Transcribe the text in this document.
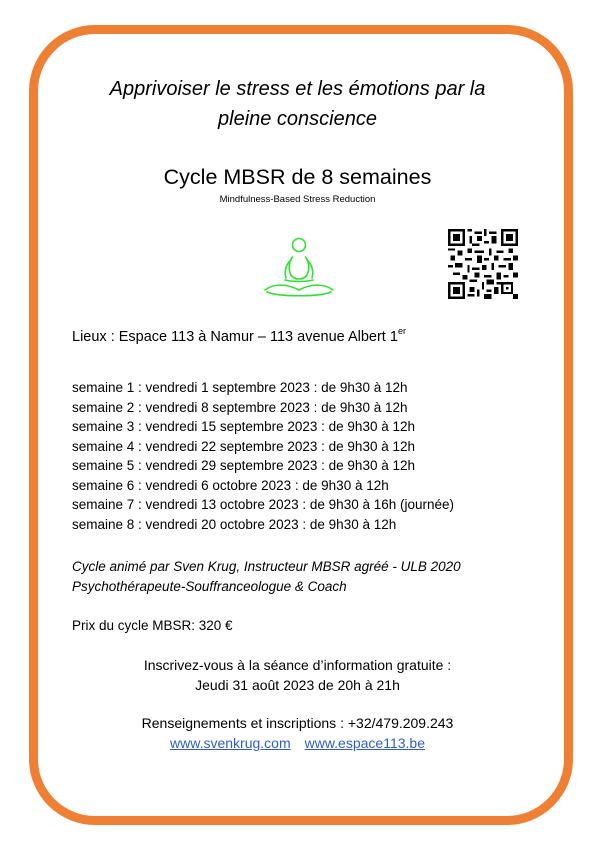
Apprivoiser le stress et les émotions par la
pleine conscience
Cycle MBSR de 8 semaines
Mindfulness-Based Stress Reduction
Lieux : Espace 113 à Namur – 113 avenue Albert 1er
semaine 1 : vendredi 1 septembre 2023 : de 9h30 à 12h
semaine 2 : vendredi 8 septembre 2023 : de 9h30 à 12h
semaine 3 : vendredi 15 septembre 2023 : de 9h30 à 12h
semaine 4 : vendredi 22 septembre 2023 : de 9h30 à 12h
semaine 5 : vendredi 29 septembre 2023 : de 9h30 à 12h
semaine 6 : vendredi 6 octobre 2023 : de 9h30 à 12h
semaine 7 : vendredi 13 octobre 2023 : de 9h30 à 16h (journée)
semaine 8 : vendredi 20 octobre 2023 : de 9h30 à 12h
Cycle animé par Sven Krug, Instructeur MBSR agréé - ULB 2020
Psychothérapeute-Souffranceologue & Coach
Prix du cycle MBSR: 320 €
Inscrivez-vous à la séance d’information gratuite :
Jeudi 31 août 2023 de 20h à 21h
Renseignements et inscriptions : +32/479.209.243
www.svenkrug.com www.espace113.be
